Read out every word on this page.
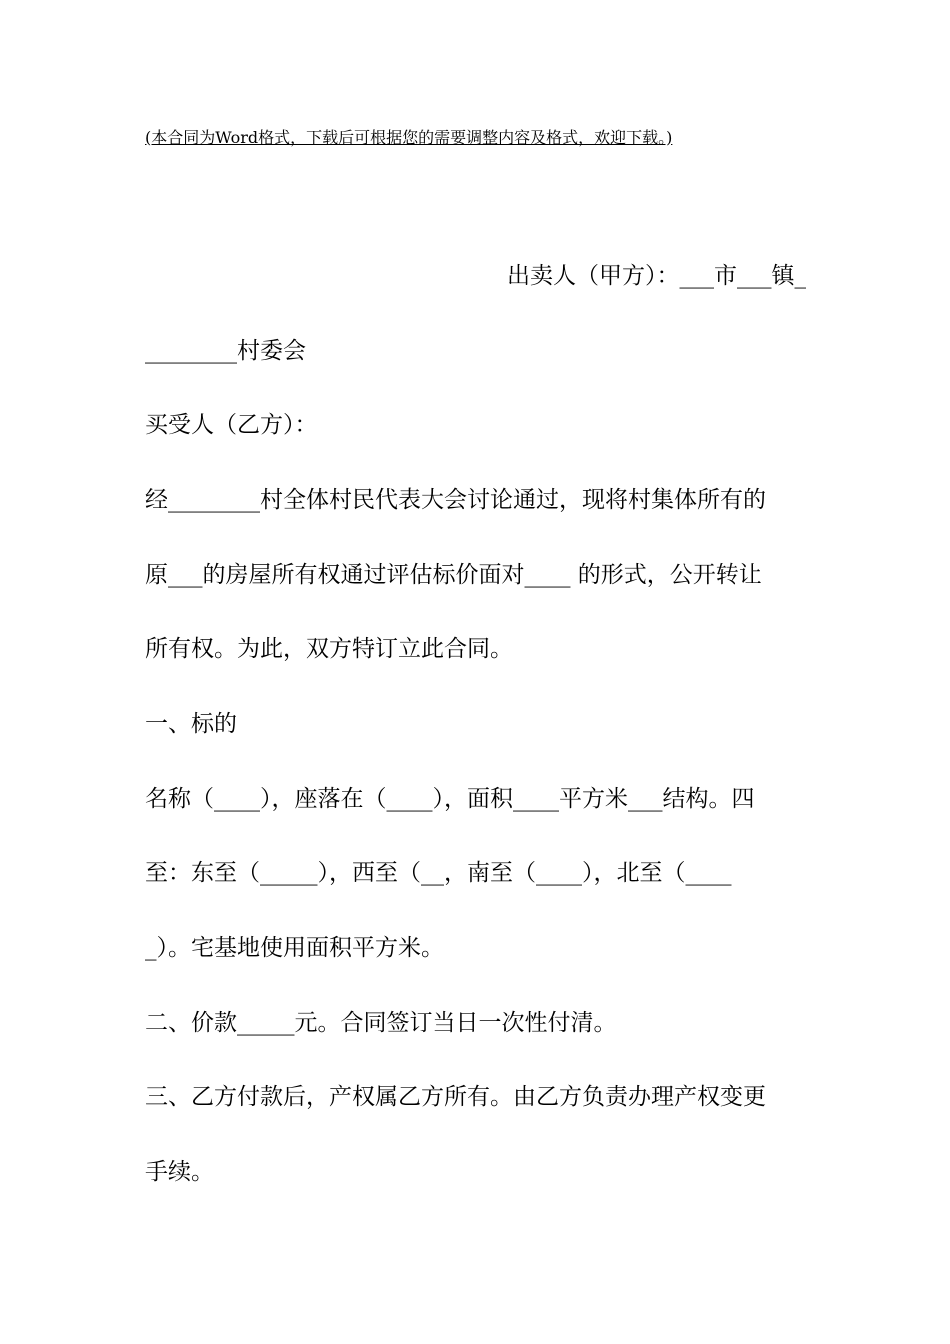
(本合同为Word格式，下载后可根据您的需要调整内容及格式，欢迎下载。)
出卖人（甲方）：___市___镇_
________村委会
买受人（乙方）：
经________村全体村民代表大会讨论通过，现将村集体所有的
原___的房屋所有权通过评估标价面对____ 的形式，公开转让
所有权。为此，双方特订立此合同。
一、标的
名称（____），座落在（____），面积____平方米___结构。四
至：东至（_____），西至（__，南至（____），北至（____
_）。宅基地使用面积平方米。
二、价款_____元。合同签订当日一次性付清。
三、乙方付款后，产权属乙方所有。由乙方负责办理产权变更
手续。
